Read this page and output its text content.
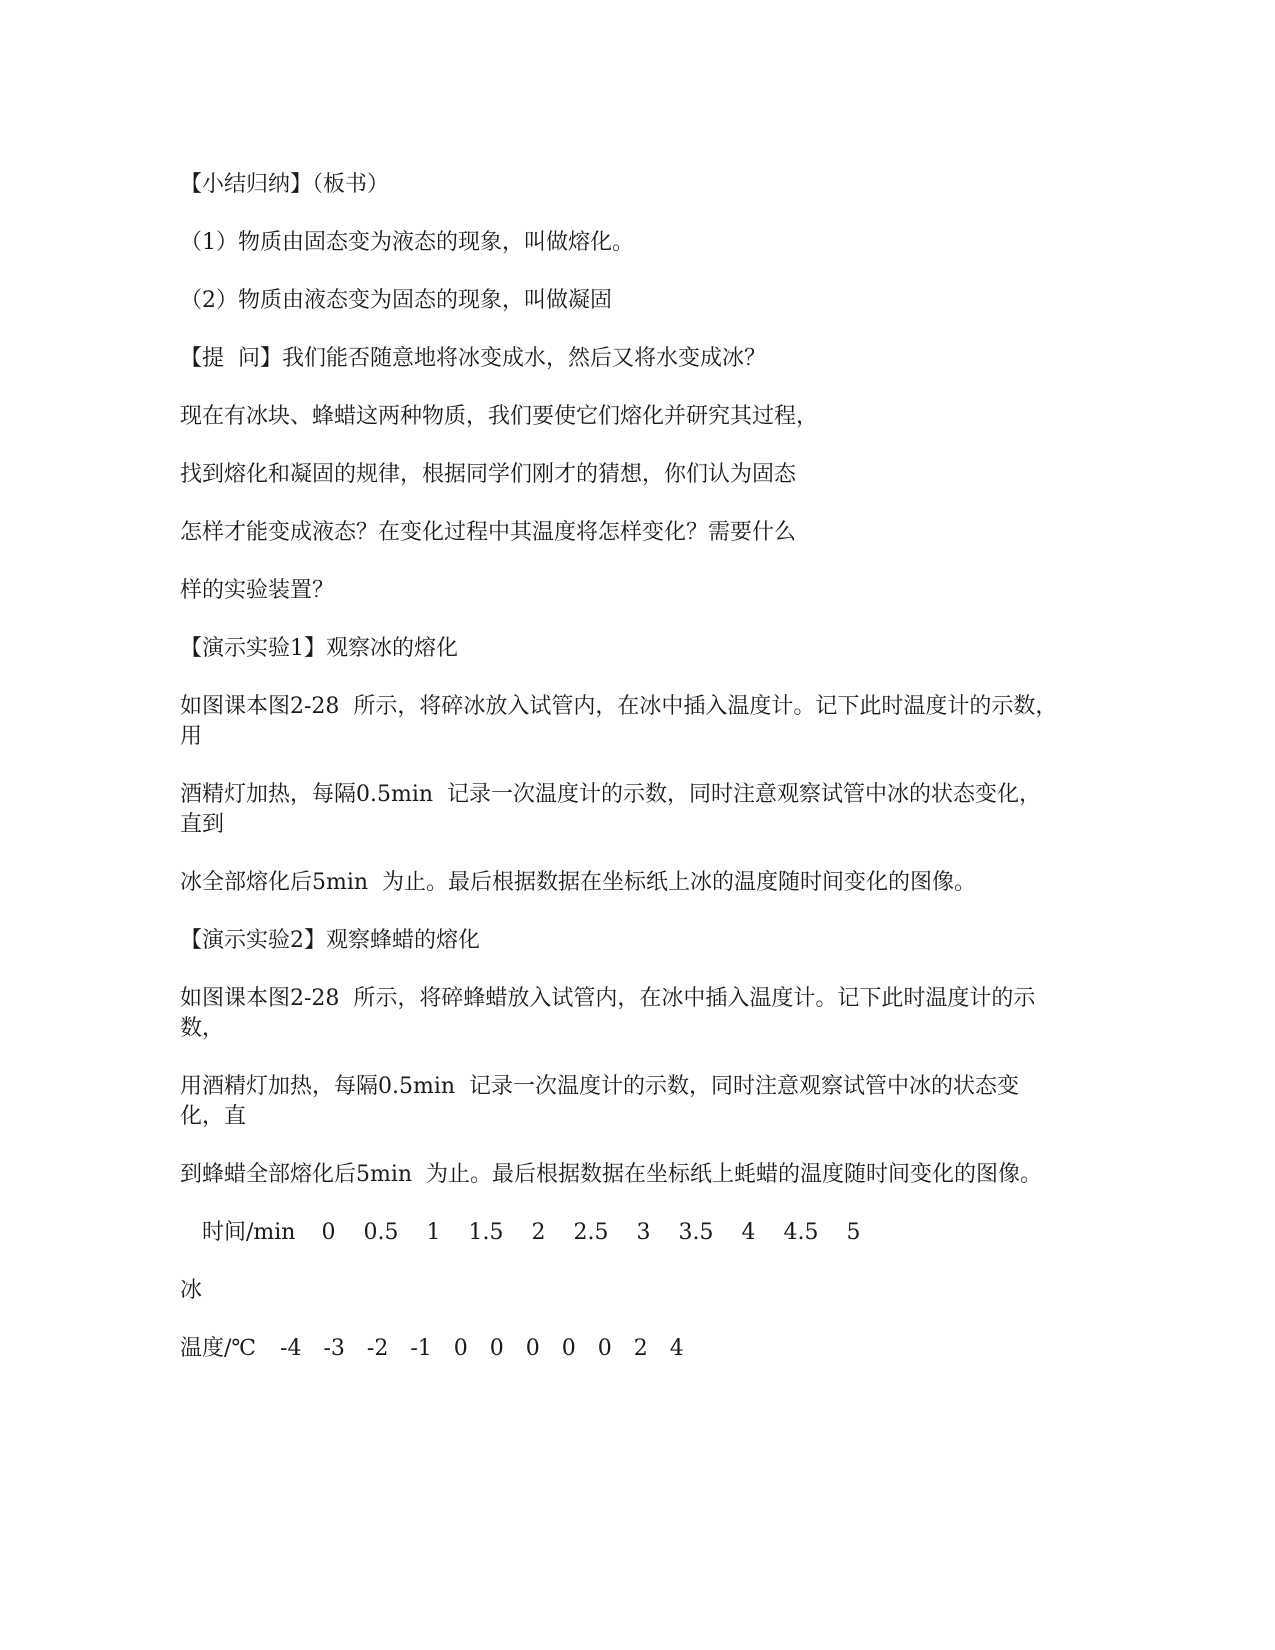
【小结归纳】（板书）

（1）物质由固态变为液态的现象，叫做熔化。

（2）物质由液态变为固态的现象，叫做凝固

【提  问】我们能否随意地将冰变成水，然后又将水变成冰？

现在有冰块、蜂蜡这两种物质，我们要使它们熔化并研究其过程，

找到熔化和凝固的规律，根据同学们刚才的猜想，你们认为固态

怎样才能变成液态？在变化过程中其温度将怎样变化？需要什么

样的实验装置？

【演示实验1】观察冰的熔化

如图课本图2-28  所示，将碎冰放入试管内，在冰中插入温度计。记下此时温度计的示数，用

酒精灯加热，每隔0.5min  记录一次温度计的示数，同时注意观察试管中冰的状态变化，直到

冰全部熔化后5min  为止。最后根据数据在坐标纸上冰的温度随时间变化的图像。

【演示实验2】观察蜂蜡的熔化

如图课本图2-28  所示，将碎蜂蜡放入试管内，在冰中插入温度计。记下此时温度计的示数，

用酒精灯加热，每隔0.5min  记录一次温度计的示数，同时注意观察试管中冰的状态变化，直

到蜂蜡全部熔化后5min  为止。最后根据数据在坐标纸上蚝蜡的温度随时间变化的图像。

时间/min 0 0.5 1 1.5 2 2.5 3 3.5 4 4.5 5

冰

温度/℃ -4 -3 -2 -1 0 0 0 0 0 2 4
